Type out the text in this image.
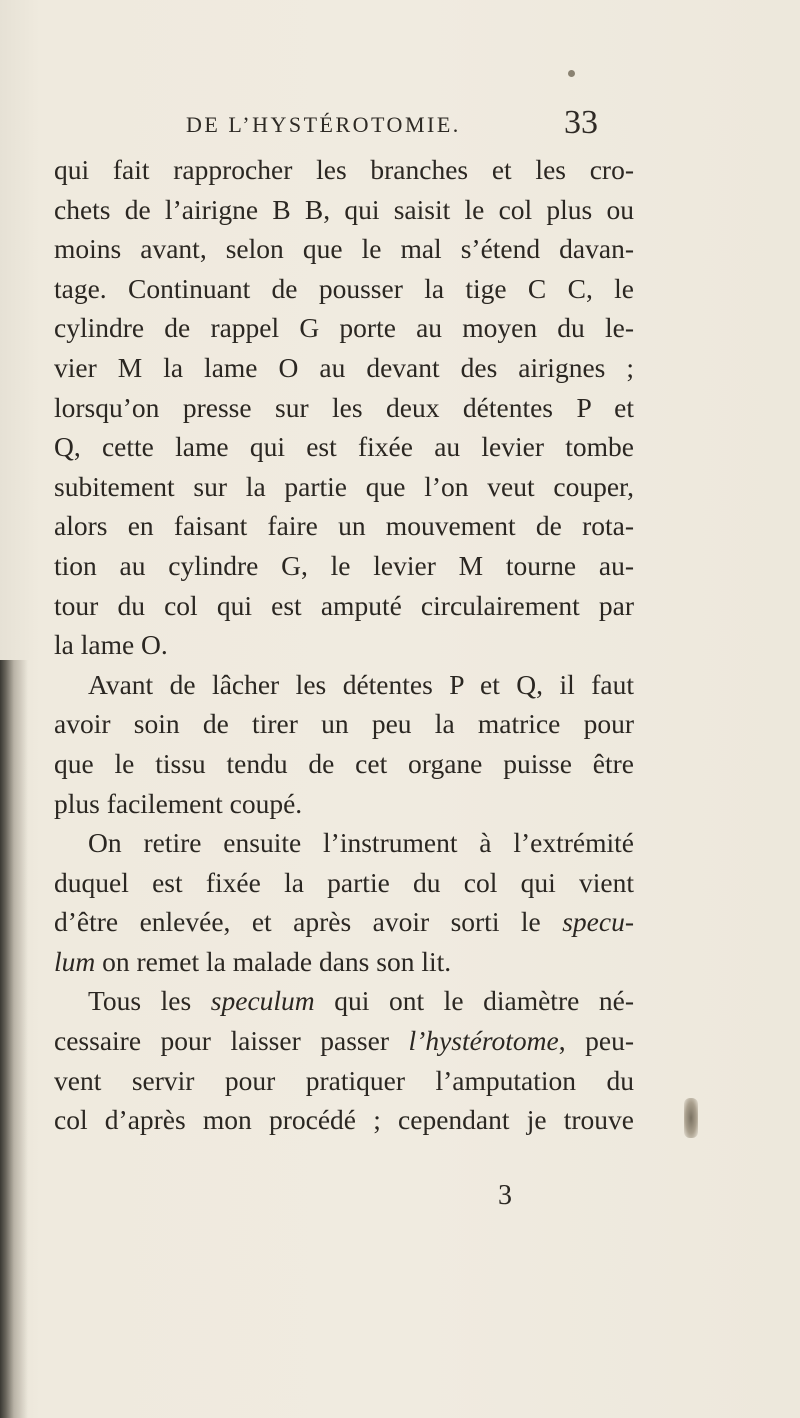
DE L’HYSTÉROTOMIE.	33
qui fait rapprocher les branches et les cro-
chets de l’airigne B B, qui saisit le col plus ou
moins avant, selon que le mal s’étend davan-
tage. Continuant de pousser la tige C C, le
cylindre de rappel G porte au moyen du le-
vier M la lame O au devant des airignes ;
lorsqu’on presse sur les deux détentes P et
Q, cette lame qui est fixée au levier tombe
subitement sur la partie que l’on veut couper,
alors en faisant faire un mouvement de rota-
tion au cylindre G, le levier M tourne au-
tour du col qui est amputé circulairement par
la lame O.
Avant de lâcher les détentes P et Q, il faut
avoir soin de tirer un peu la matrice pour
que le tissu tendu de cet organe puisse être
plus facilement coupé.
On retire ensuite l’instrument à l’extrémité
duquel est fixée la partie du col qui vient
d’être enlevée, et après avoir sorti le specu-
lum on remet la malade dans son lit.
Tous les speculum qui ont le diamètre né-
cessaire pour laisser passer l’hystérotome, peu-
vent servir pour pratiquer l’amputation du
col d’après mon procédé ; cependant je trouve
3
